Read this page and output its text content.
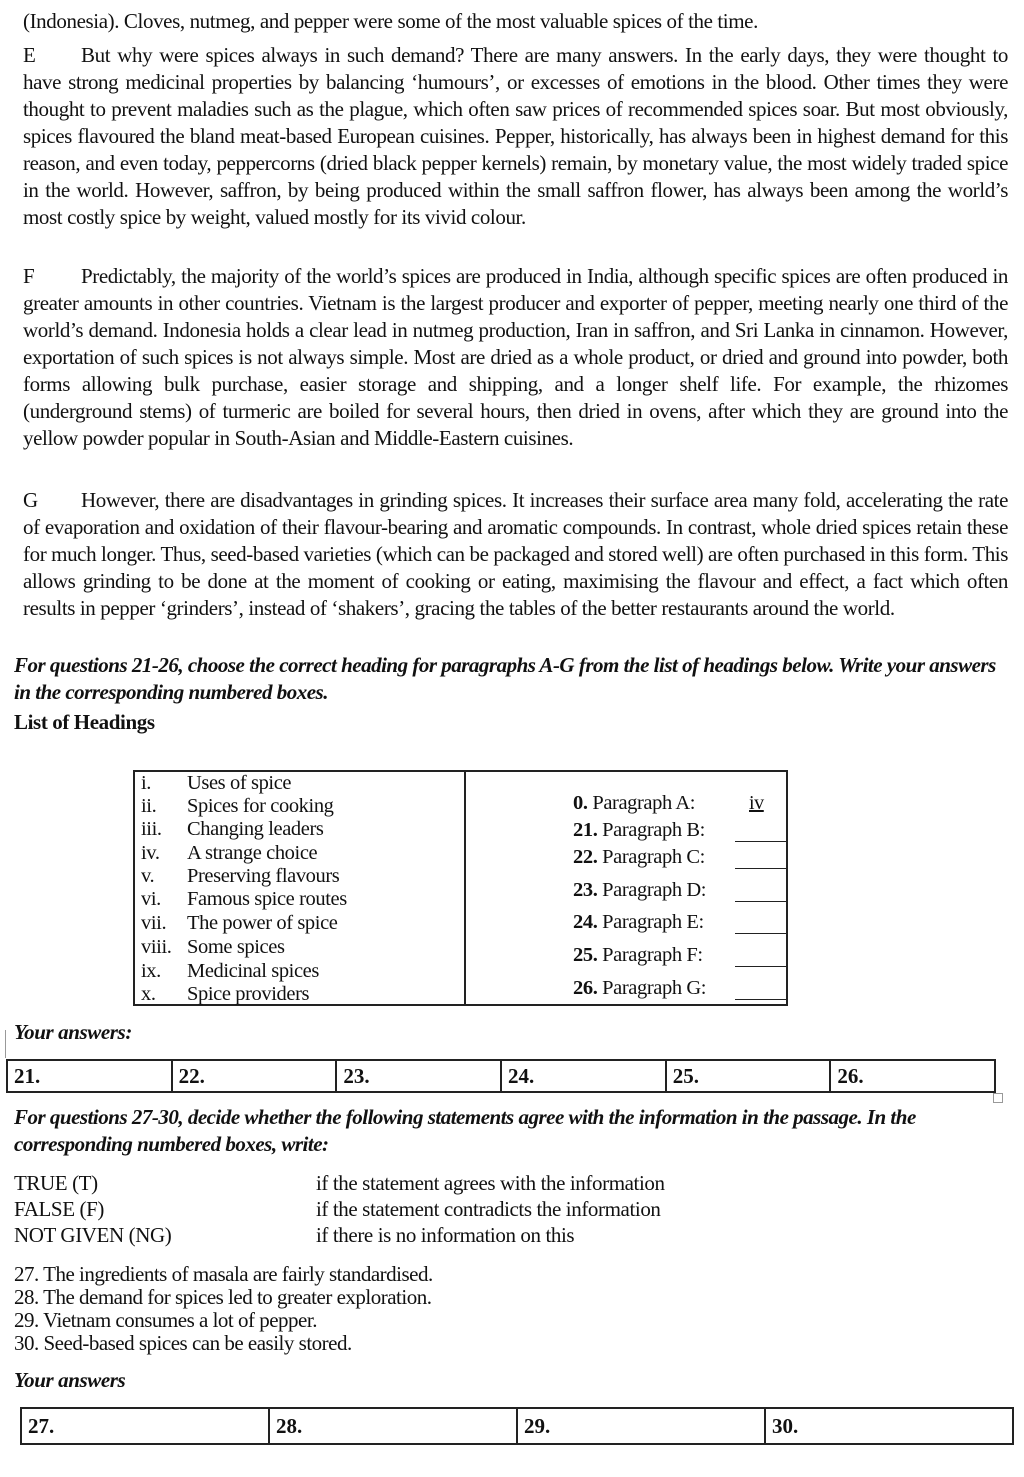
(Indonesia). Cloves, nutmeg, and pepper were some of the most valuable spices of the time.

E But why were spices always in such demand? There are many answers. In the early days, they were thought to have strong medicinal properties by balancing ‘humours’, or excesses of emotions in the blood. Other times they were thought to prevent maladies such as the plague, which often saw prices of recommended spices soar. But most obviously, spices flavoured the bland meat-based European cuisines. Pepper, historically, has always been in highest demand for this reason, and even today, peppercorns (dried black pepper kernels) remain, by monetary value, the most widely traded spice in the world. However, saffron, by being produced within the small saffron flower, has always been among the world’s most costly spice by weight, valued mostly for its vivid colour.

F Predictably, the majority of the world’s spices are produced in India, although specific spices are often produced in greater amounts in other countries. Vietnam is the largest producer and exporter of pepper, meeting nearly one third of the world’s demand. Indonesia holds a clear lead in nutmeg production, Iran in saffron, and Sri Lanka in cinnamon. However, exportation of such spices is not always simple. Most are dried as a whole product, or dried and ground into powder, both forms allowing bulk purchase, easier storage and shipping, and a longer shelf life. For example, the rhizomes (underground stems) of turmeric are boiled for several hours, then dried in ovens, after which they are ground into the yellow powder popular in South-Asian and Middle-Eastern cuisines.

G However, there are disadvantages in grinding spices. It increases their surface area many fold, accelerating the rate of evaporation and oxidation of their flavour-bearing and aromatic compounds. In contrast, whole dried spices retain these for much longer. Thus, seed-based varieties (which can be packaged and stored well) are often purchased in this form. This allows grinding to be done at the moment of cooking or eating, maximising the flavour and effect, a fact which often results in pepper ‘grinders’, instead of ‘shakers’, gracing the tables of the better restaurants around the world.

For questions 21-26, choose the correct heading for paragraphs A-G from the list of headings below. Write your answers in the corresponding numbered boxes.

List of Headings
i.	Uses of spice
ii.	Spices for cooking
iii.	Changing leaders
iv.	A strange choice
v.	Preserving flavours
vi.	Famous spice routes
vii.	The power of spice
viii. Some spices
ix.	Medicinal spices
x.	Spice providers
0. Paragraph A:	iv
21. Paragraph B:
22. Paragraph C:
23. Paragraph D:
24. Paragraph E:
25. Paragraph F:
26. Paragraph G:
Your answers:
21.	22.	23.	24.	25.	26.

For questions 27-30, decide whether the following statements agree with the information in the passage. In the corresponding numbered boxes, write:

TRUE (T)	if the statement agrees with the information
FALSE (F)	if the statement contradicts the information
NOT GIVEN (NG)	if there is no information on this
27. The ingredients of masala are fairly standardised.
28. The demand for spices led to greater exploration.
29. Vietnam consumes a lot of pepper.
30. Seed-based spices can be easily stored.
Your answers
27.	28.	29.	30.
